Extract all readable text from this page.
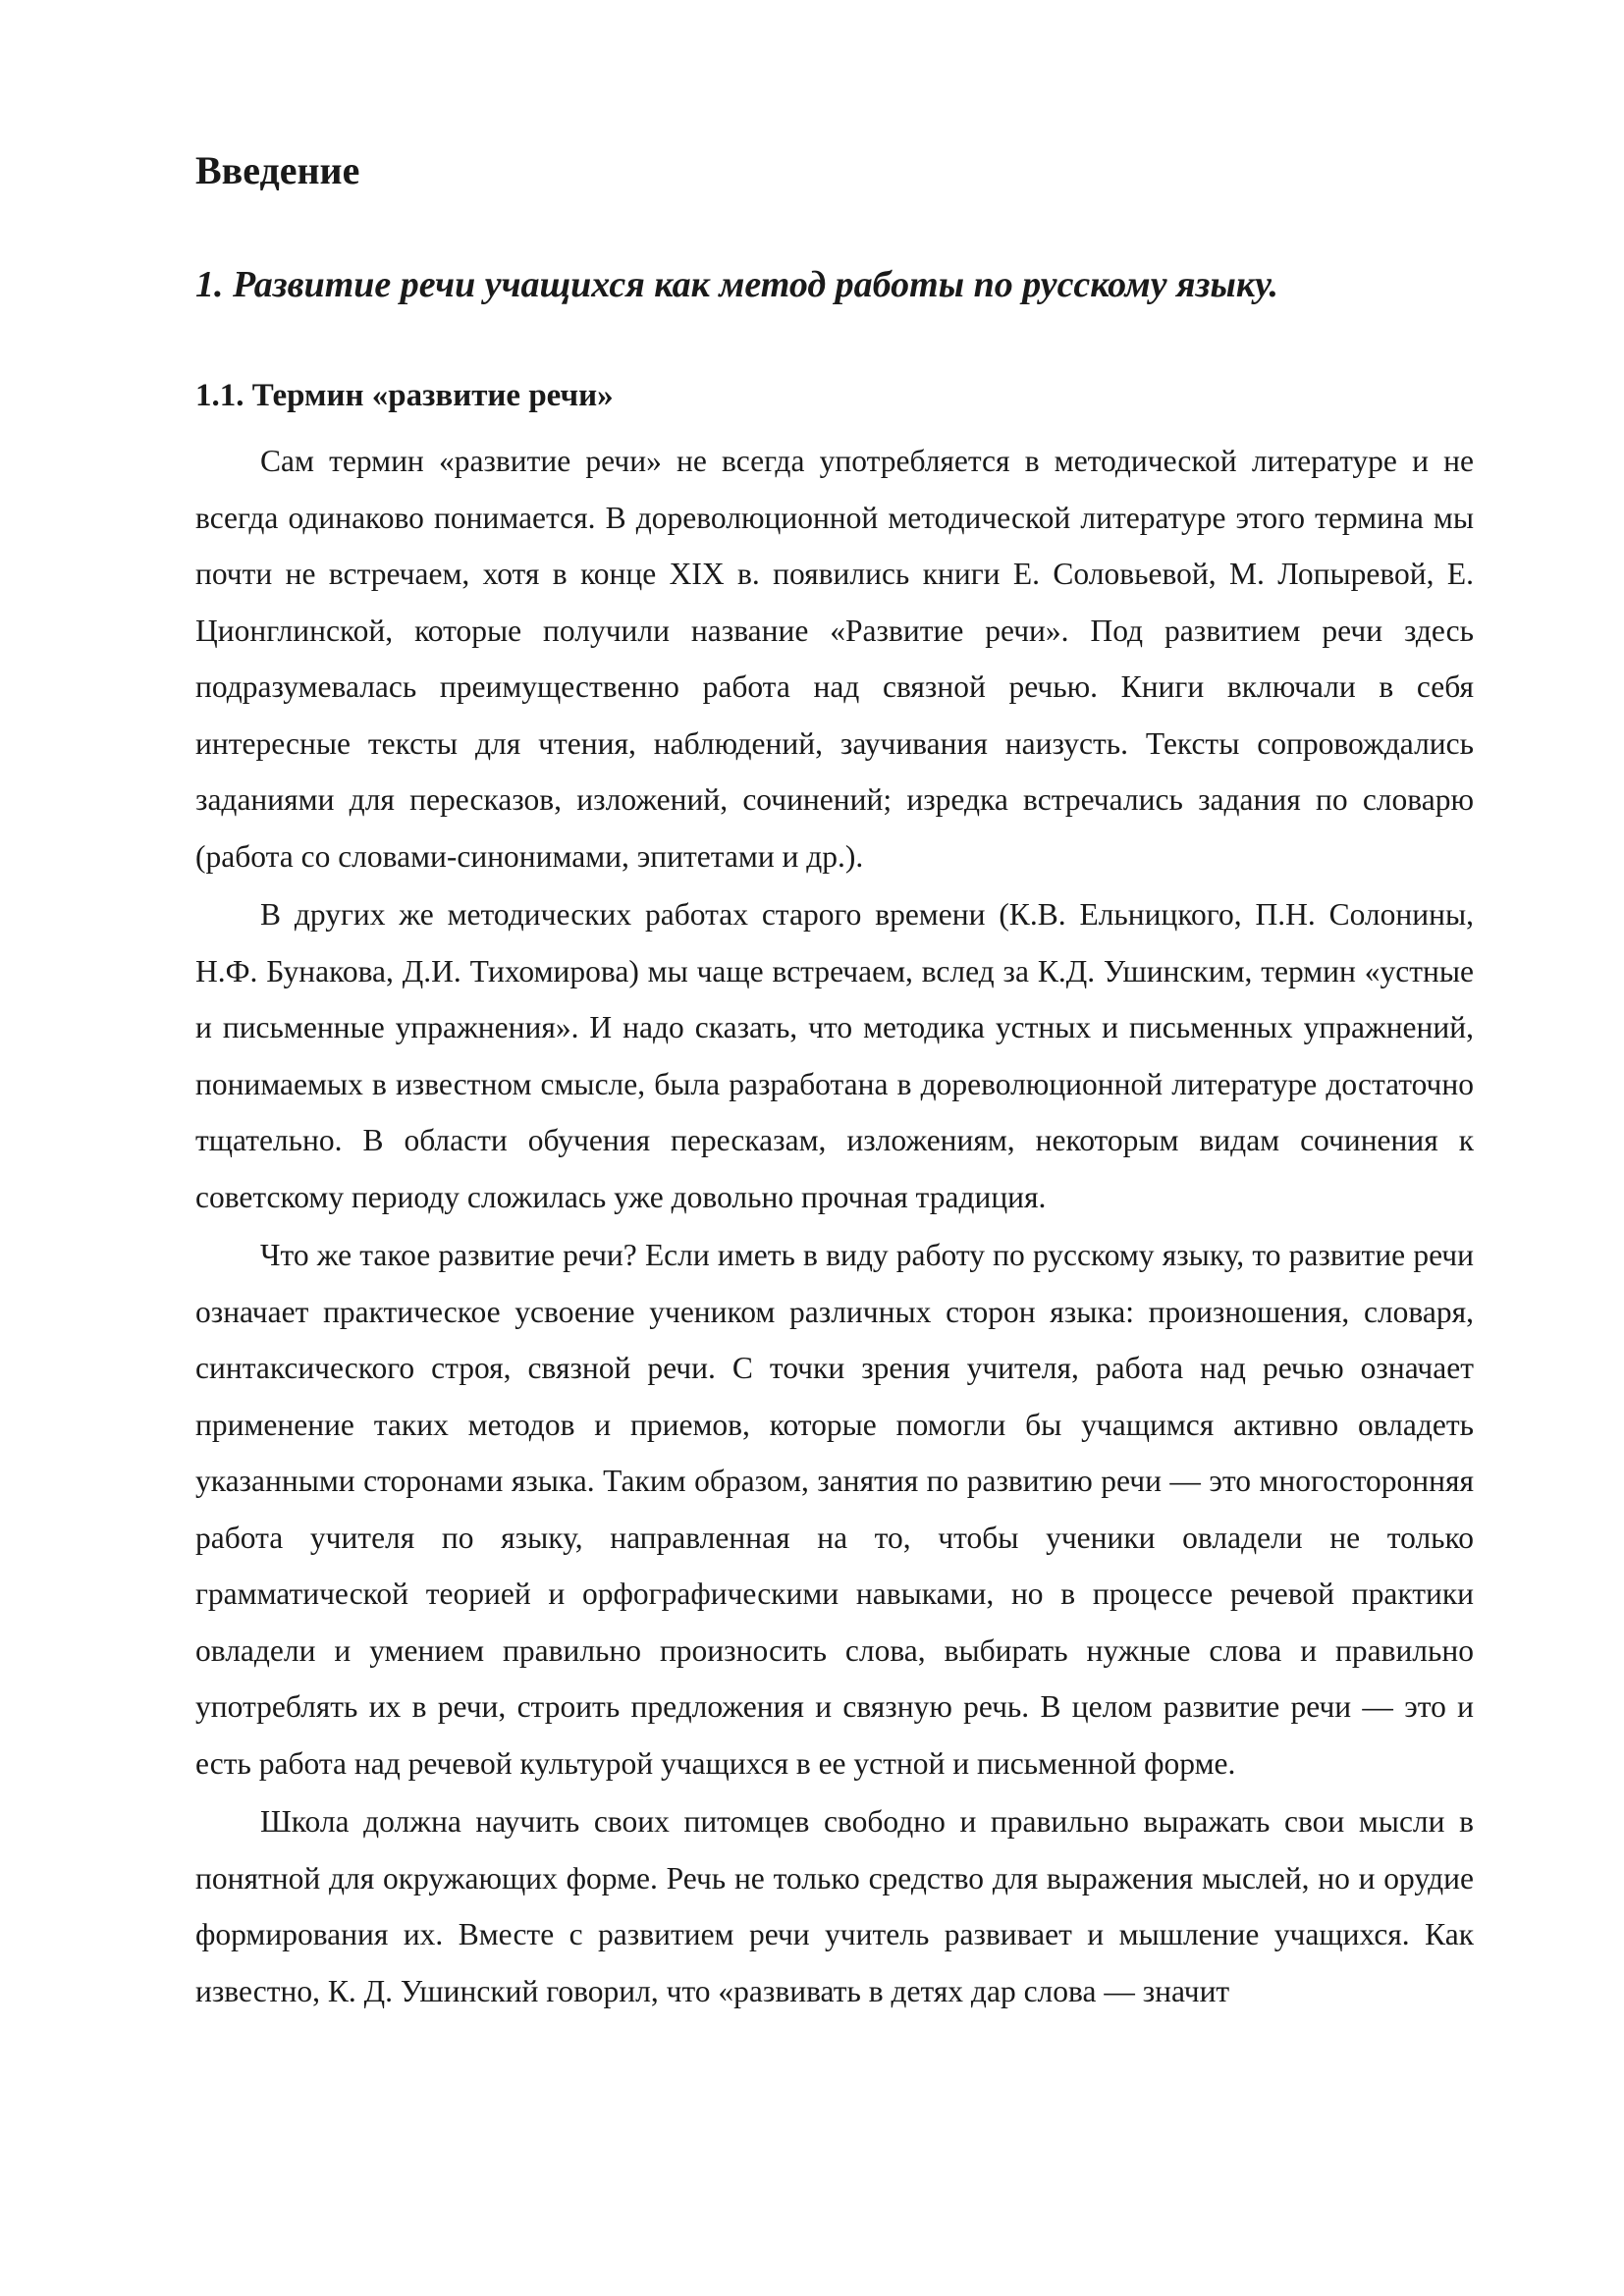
Введение
1. Развитие речи учащихся как метод работы по русскому языку.
1.1. Термин «развитие речи»

Сам термин «развитие речи» не всегда употребляется в методической литературе и не всегда одинаково понимается. В дореволюционной методической литературе этого термина мы почти не встречаем, хотя в конце XIX в. появились книги Е. Соловьевой, М. Лопыревой, Е. Ционглинской, которые получили название «Развитие речи». Под развитием речи здесь подразумевалась преимущественно работа над связной речью. Книги включали в себя интересные тексты для чтения, наблюдений, заучивания наизусть. Тексты сопровождались заданиями для пересказов, изложений, сочинений; изредка встречались задания по словарю (работа со словами-синонимами, эпитетами и др.).

В других же методических работах старого времени (К.В. Ельницкого, П.Н. Солонины, Н.Ф. Бунакова, Д.И. Тихомирова) мы чаще встречаем, вслед за К.Д. Ушинским, термин «устные и письменные упражнения». И надо сказать, что методика устных и письменных упражнений, понимаемых в известном смысле, была разработана в дореволюционной литературе достаточно тщательно. В области обучения пересказам, изложениям, некоторым видам сочинения к советскому периоду сложилась уже довольно прочная традиция.

Что же такое развитие речи? Если иметь в виду работу по русскому языку, то развитие речи означает практическое усвоение учеником различных сторон языка: произношения, словаря, синтаксического строя, связной речи. С точки зрения учителя, работа над речью означает применение таких методов и приемов, которые помогли бы учащимся активно овладеть указанными сторонами языка. Таким образом, занятия по развитию речи — это многосторонняя работа учителя по языку, направленная на то, чтобы ученики овладели не только грамматической теорией и орфографическими навыками, но в процессе речевой практики овладели и умением правильно произносить слова, выбирать нужные слова и правильно употреблять их в речи, строить предложения и связную речь. В целом развитие речи — это и есть работа над речевой культурой учащихся в ее устной и письменной форме.

Школа должна научить своих питомцев свободно и правильно выражать свои мысли в понятной для окружающих форме. Речь не только средство для выражения мыслей, но и орудие формирования их. Вместе с развитием речи учитель развивает и мышление учащихся. Как известно, К. Д. Ушинский говорил, что «развивать в детях дар слова — значит
